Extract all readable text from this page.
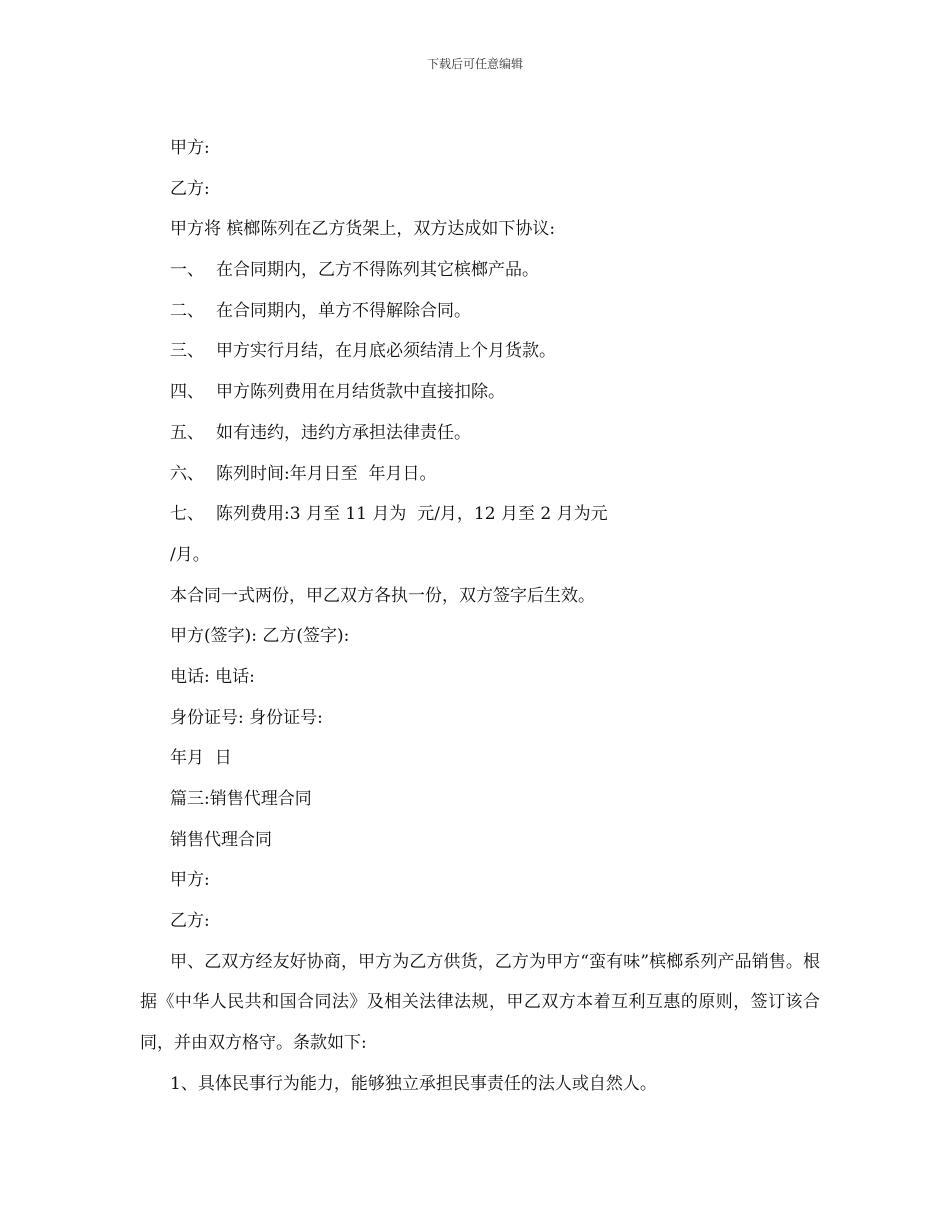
下载后可任意编辑
甲方:
乙方:
甲方将 槟榔陈列在乙方货架上，双方达成如下协议:
一、 在合同期内，乙方不得陈列其它槟榔产品。
二、 在合同期内，单方不得解除合同。
三、 甲方实行月结，在月底必须结清上个月货款。
四、 甲方陈列费用在月结货款中直接扣除。
五、 如有违约，违约方承担法律责任。
六、 陈列时间:年月日至  年月日。
七、 陈列费用:3 月至 11 月为  元/月，12 月至 2 月为元
/月。
本合同一式两份，甲乙双方各执一份，双方签字后生效。
甲方(签字): 乙方(签字):
电话: 电话:
身份证号: 身份证号:
年月  日
篇三:销售代理合同
销售代理合同
甲方:
乙方:
甲、乙双方经友好协商，甲方为乙方供货，乙方为甲方“蛮有味”槟榔系列产品销售。根据《中华人民共和国合同法》及相关法律法规，甲乙双方本着互利互惠的原则，签订该合同，并由双方格守。条款如下:
1、具体民事行为能力，能够独立承担民事责任的法人或自然人。
